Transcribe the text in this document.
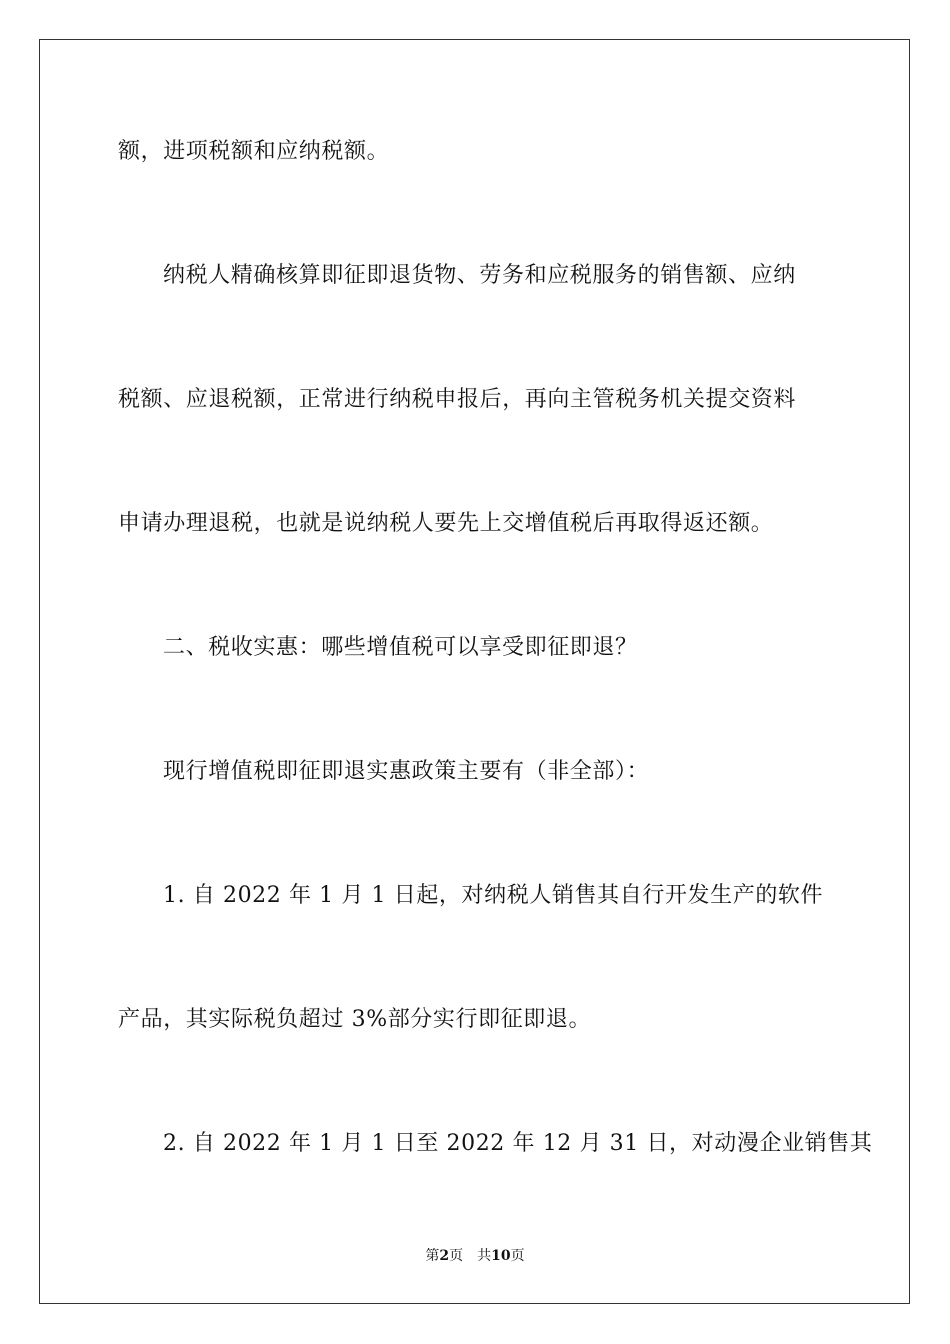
额，进项税额和应纳税额。
纳税人精确核算即征即退货物、劳务和应税服务的销售额、应纳
税额、应退税额，正常进行纳税申报后，再向主管税务机关提交资料
申请办理退税，也就是说纳税人要先上交增值税后再取得返还额。
二、税收实惠：哪些增值税可以享受即征即退？
现行增值税即征即退实惠政策主要有（非全部）：
1. 自 2022 年 1 月 1 日起，对纳税人销售其自行开发生产的软件
产品，其实际税负超过 3%部分实行即征即退。
2. 自 2022 年 1 月 1 日至 2022 年 12 月 31 日，对动漫企业销售其
第2页　共10页
